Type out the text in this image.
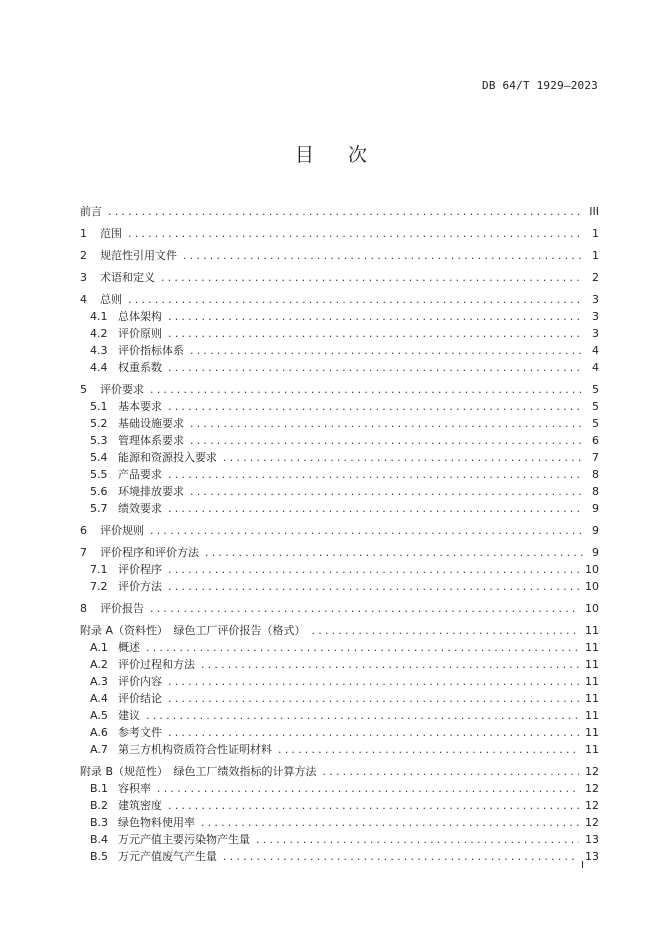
DB 64/T 1929—2023
目次
前言 .....	III
1	范围 .....	1
2	规范性引用文件 .....	1
3	术语和定义 .....	2
4	总则 .....	3
4.1 总体架构 .....	3
4.2 评价原则 .....	3
4.3 评价指标体系 .....	4
4.4 权重系数 .....	4
5	评价要求 .....	5
5.1 基本要求 .....	5
5.2 基础设施要求 .....	5
5.3 管理体系要求 .....	6
5.4 能源和资源投入要求 .....	7
5.5 产品要求 .....	8
5.6 环境排放要求 .....	8
5.7 绩效要求 .....	9
6	评价规则 .....	9
7	评价程序和评价方法 .....	9
7.1 评价程序 .....	10
7.2 评价方法 .....	10
8	评价报告 .....	10
附录 A（资料性）　绿色工厂评价报告（格式） .....	11
A.1 概述 .....	11
A.2 评价过程和方法 .....	11
A.3 评价内容 .....	11
A.4 评价结论 .....	11
A.5 建议 .....	11
A.6 参考文件 .....	11
A.7 第三方机构资质符合性证明材料 .....	11
附录 B（规范性）　绿色工厂绩效指标的计算方法 .....	12
B.1 容积率 .....	12
B.2 建筑密度 .....	12
B.3 绿色物料使用率 .....	12
B.4 万元产值主要污染物产生量 .....	13
B.5 万元产值废气产生量 .....	13
I
